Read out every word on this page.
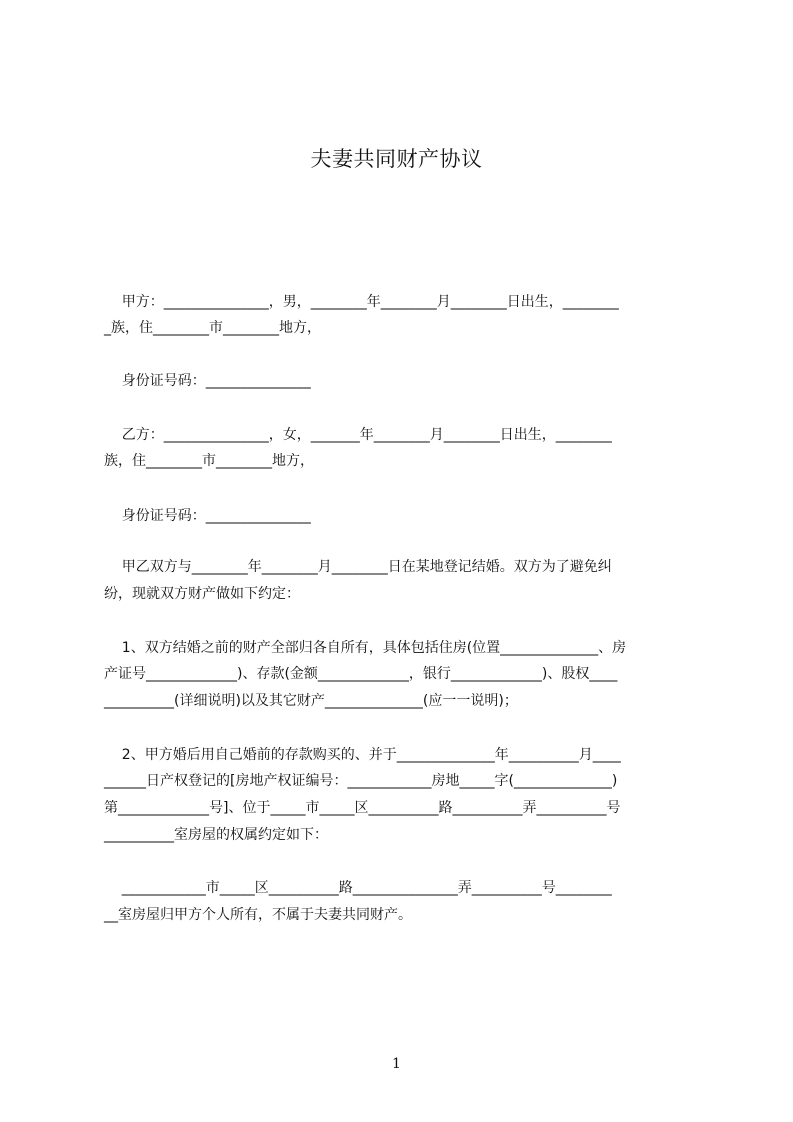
夫妻共同财产协议
甲方：_______________，男，________年________月________日出生，________
_族，住________市________地方，
身份证号码：_______________
乙方：_______________，女，_______年________月________日出生，________
族，住________市________地方，
身份证号码：_______________
甲乙双方与________年________月________日在某地登记结婚。双方为了避免纠
纷，现就双方财产做如下约定：
1、双方结婚之前的财产全部归各自所有，具体包括住房(位置______________、房
产证号_____________)、存款(金额_____________，银行_____________)、股权____
__________(详细说明)以及其它财产______________(应一一说明)；
2、甲方婚后用自己婚前的存款购买的、并于______________年__________月____
______日产权登记的[房地产权证编号：____________房地_____字(______________)
第_____________号]、位于_____市_____区__________路__________弄__________号
__________室房屋的权属约定如下：
____________市_____区__________路_______________弄__________号________
__室房屋归甲方个人所有，不属于夫妻共同财产。
1
